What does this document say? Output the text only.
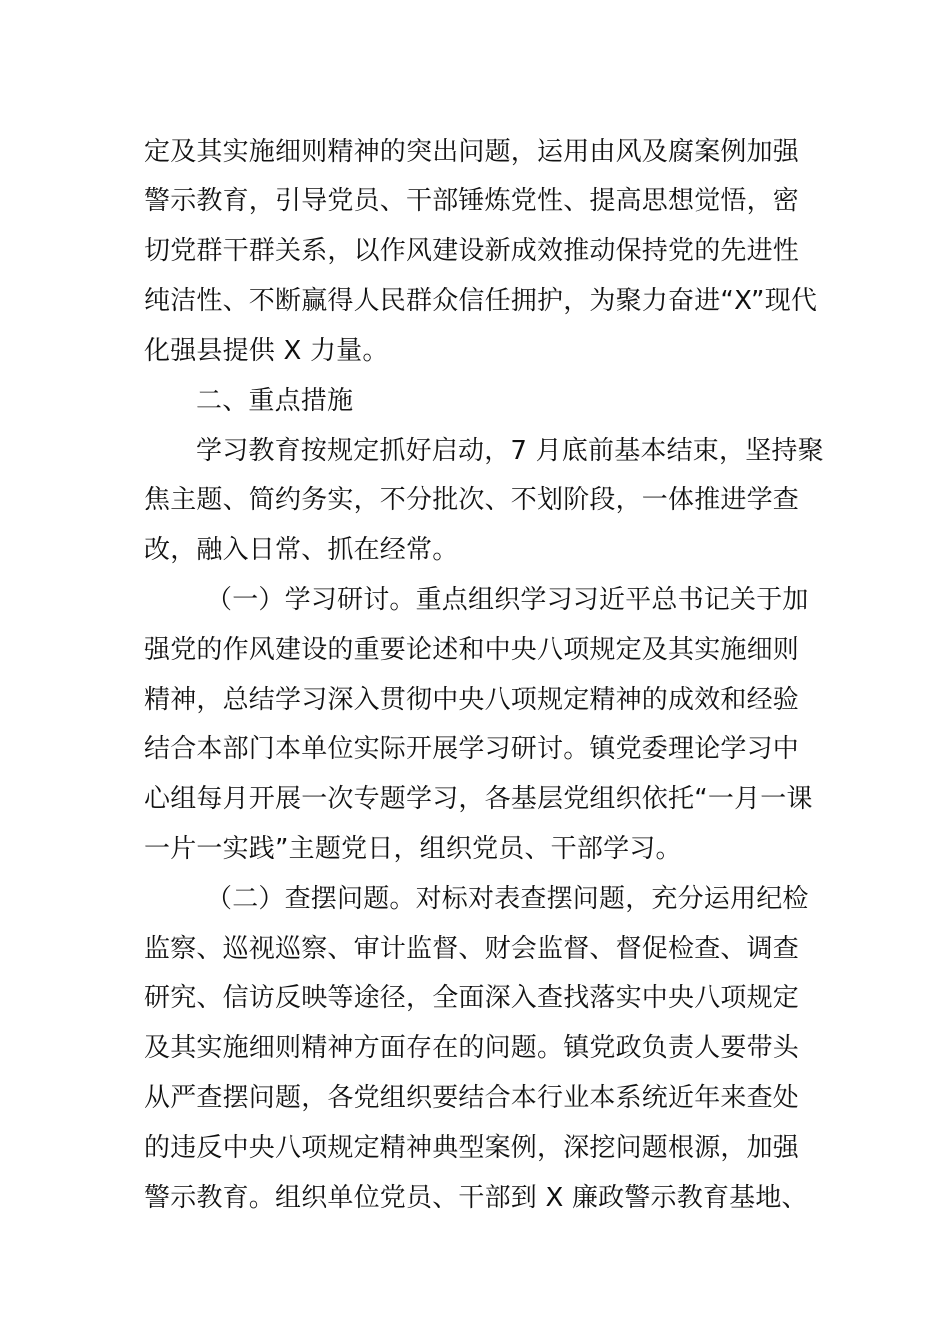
定及其实施细则精神的突出问题，运用由风及腐案例加强
警示教育，引导党员、干部锤炼党性、提高思想觉悟，密
切党群干群关系，以作风建设新成效推动保持党的先进性
纯洁性、不断赢得人民群众信任拥护，为聚力奋进“X”现代
化强县提供 X 力量。
二、重点措施
学习教育按规定抓好启动，7 月底前基本结束，坚持聚
焦主题、简约务实，不分批次、不划阶段，一体推进学查
改，融入日常、抓在经常。
（一）学习研讨。重点组织学习习近平总书记关于加
强党的作风建设的重要论述和中央八项规定及其实施细则
精神，总结学习深入贯彻中央八项规定精神的成效和经验
结合本部门本单位实际开展学习研讨。镇党委理论学习中
心组每月开展一次专题学习，各基层党组织依托“一月一课
一片一实践”主题党日，组织党员、干部学习。
（二）查摆问题。对标对表查摆问题，充分运用纪检
监察、巡视巡察、审计监督、财会监督、督促检查、调查
研究、信访反映等途径，全面深入查找落实中央八项规定
及其实施细则精神方面存在的问题。镇党政负责人要带头
从严查摆问题，各党组织要结合本行业本系统近年来查处
的违反中央八项规定精神典型案例，深挖问题根源，加强
警示教育。组织单位党员、干部到 X 廉政警示教育基地、
